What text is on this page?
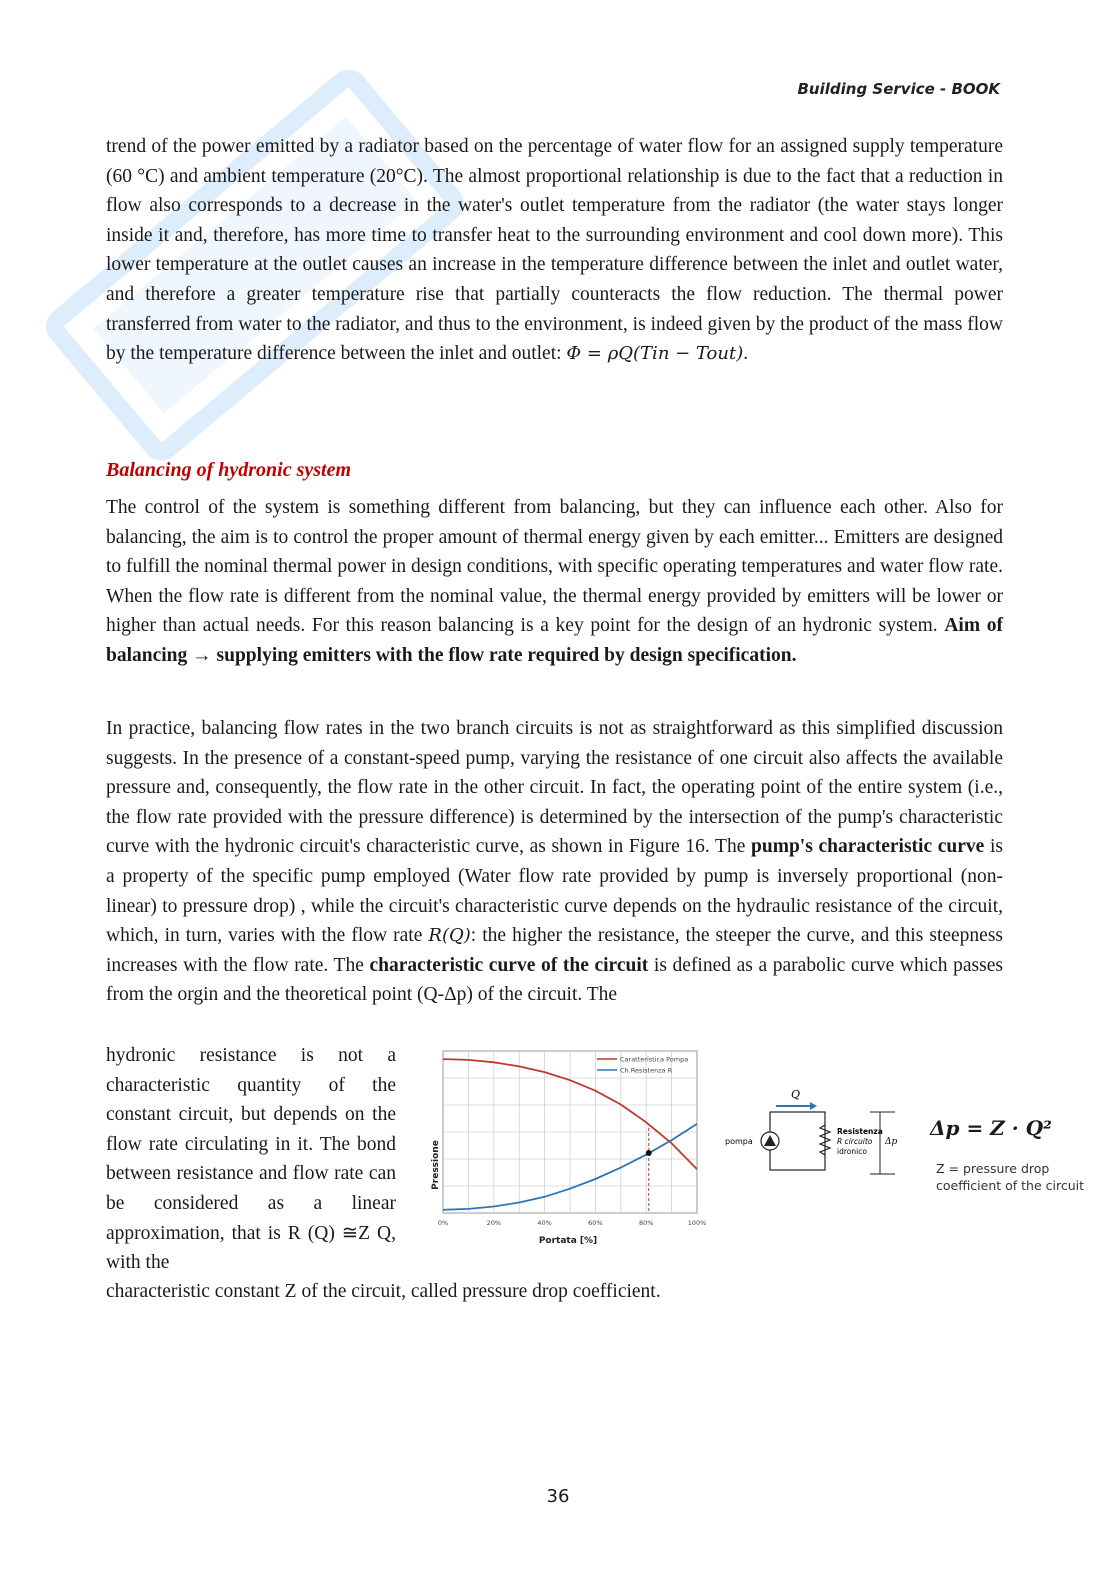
Building Service - BOOK

trend of the power emitted by a radiator based on the percentage of water flow for an assigned supply temperature (60 °C) and ambient temperature (20°C). The almost proportional relationship is due to the fact that a reduction in flow also corresponds to a decrease in the water's outlet temperature from the radiator (the water stays longer inside it and, therefore, has more time to transfer heat to the surrounding environment and cool down more). This lower temperature at the outlet causes an increase in the temperature difference between the inlet and outlet water, and therefore a greater temperature rise that partially counteracts the flow reduction. The thermal power transferred from water to the radiator, and thus to the environment, is indeed given by the product of the mass flow by the temperature difference between the inlet and outlet: Φ = ρQ(Tin − Tout).

Balancing of hydronic system

The control of the system is something different from balancing, but they can influence each other. Also for balancing, the aim is to control the proper amount of thermal energy given by each emitter... Emitters are designed to fulfill the nominal thermal power in design conditions, with specific operating temperatures and water flow rate. When the flow rate is different from the nominal value, the thermal energy provided by emitters will be lower or higher than actual needs. For this reason balancing is a key point for the design of an hydronic system. Aim of balancing → supplying emitters with the flow rate required by design specification.

In practice, balancing flow rates in the two branch circuits is not as straightforward as this simplified discussion suggests. In the presence of a constant-speed pump, varying the resistance of one circuit also affects the available pressure and, consequently, the flow rate in the other circuit. In fact, the operating point of the entire system (i.e., the flow rate provided with the pressure difference) is determined by the intersection of the pump's characteristic curve with the hydronic circuit's characteristic curve, as shown in Figure 16. The pump's characteristic curve is a property of the specific pump employed (Water flow rate provided by pump is inversely proportional (non-linear) to pressure drop) , while the circuit's characteristic curve depends on the hydraulic resistance of the circuit, which, in turn, varies with the flow rate R(Q): the higher the resistance, the steeper the curve, and this steepness increases with the flow rate. The characteristic curve of the circuit is defined as a parabolic curve which passes from the orgin and the theoretical point (Q-Δp) of the circuit. The

hydronic resistance is not a characteristic quantity of the constant circuit, but depends on the flow rate circulating in it. The bond between resistance and flow rate can be considered as a linear approximation, that is R (Q) ≅Z Q, with the

Pressione
Portata [%]
0%	20%	40%	60%	80%	100%
Caratteristica Pompa
Ch.Resistenza R
Q
pompa
Resistenza
R circuito
idronico
Δp
Δp = Z · Q²
Z = pressure drop coefficient of the circuit

characteristic constant Z of the circuit, called pressure drop coefficient.

36
